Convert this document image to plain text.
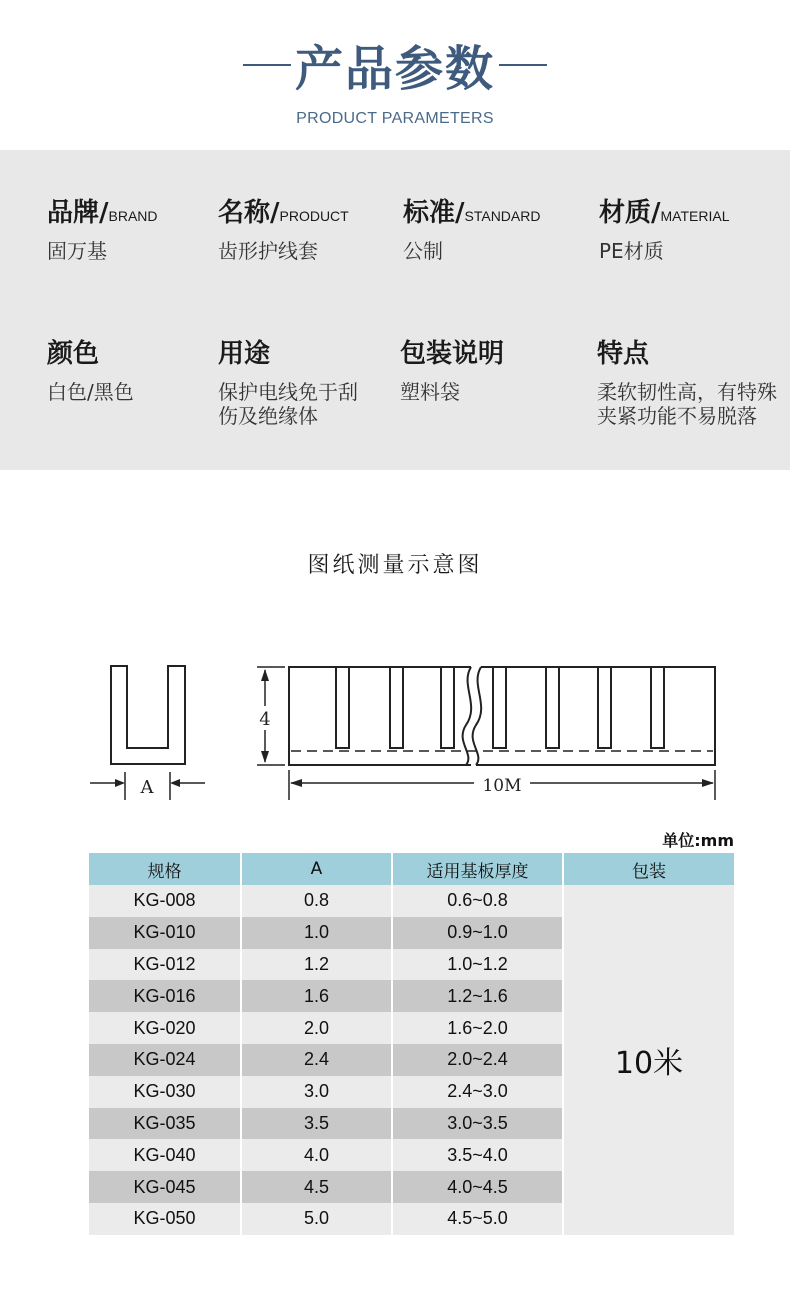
产品参数
PRODUCT PARAMETERS
品牌/BRAND
固万基
名称/PRODUCT
齿形护线套
标准/STANDARD
公制
材质/MATERIAL
PE材质
颜色
白色/黑色
用途
保护电线免于刮伤及绝缘体
包装说明
塑料袋
特点
柔软韧性高，有特殊夹紧功能不易脱落
图纸测量示意图
A
4
10M
单位:mm
规格	A	适用基板厚度	包装
KG-008	0.8	0.6~0.8	10米
KG-010	1.0	0.9~1.0	
KG-012	1.2	1.0~1.2	
KG-016	1.6	1.2~1.6	
KG-020	2.0	1.6~2.0	
KG-024	2.4	2.0~2.4	
KG-030	3.0	2.4~3.0	
KG-035	3.5	3.0~3.5	
KG-040	4.0	3.5~4.0	
KG-045	4.5	4.0~4.5	
KG-050	5.0	4.5~5.0	
